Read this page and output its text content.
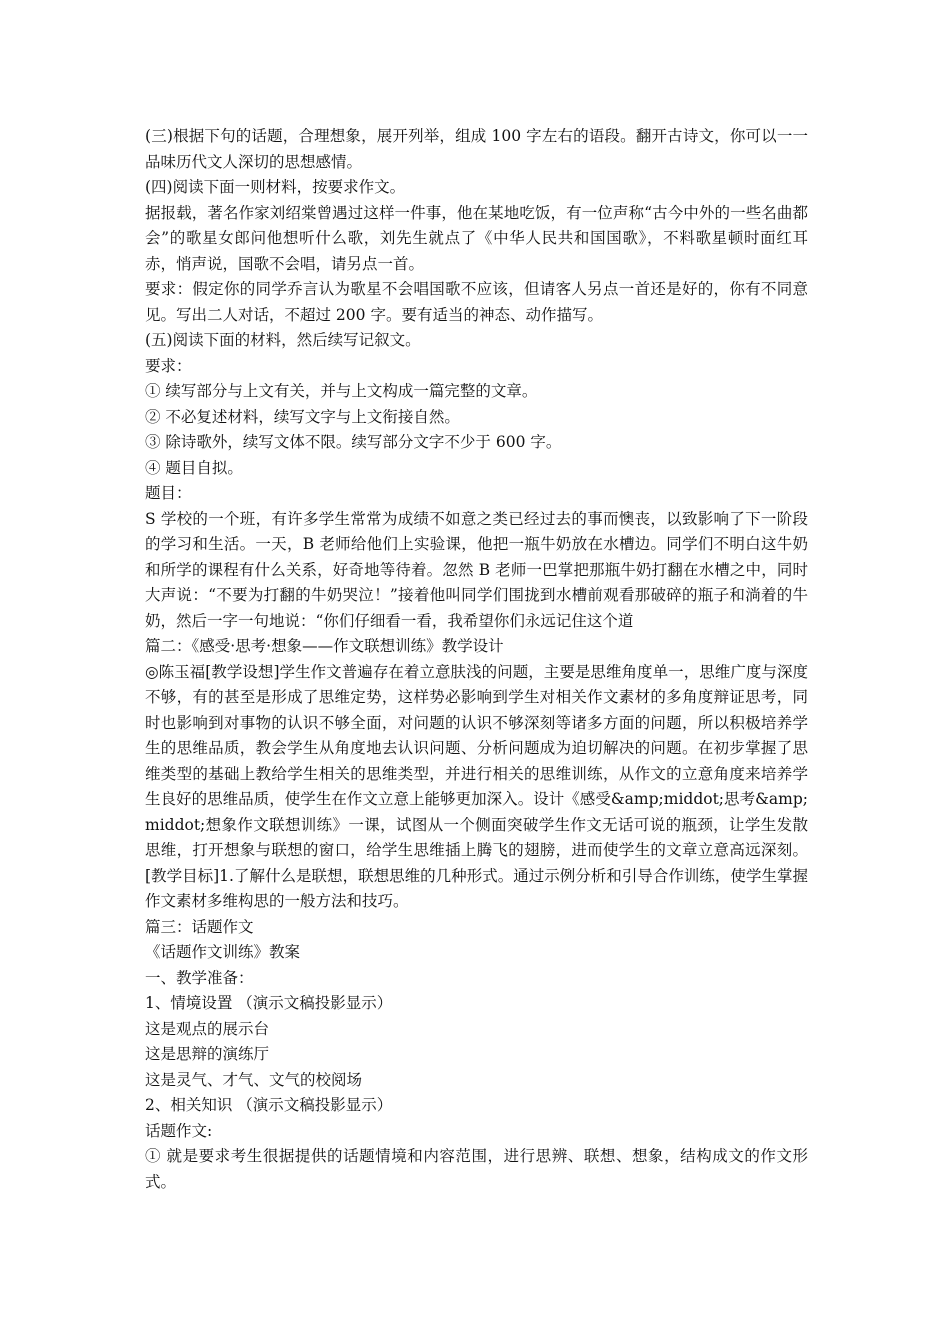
(三)根据下句的话题，合理想象，展开列举，组成 100 字左右的语段。翻开古诗文，你可以一一品味历代文人深切的思想感情。

(四)阅读下面一则材料，按要求作文。

据报载，著名作家刘绍棠曾遇过这样一件事，他在某地吃饭，有一位声称“古今中外的一些名曲都会”的歌星女郎问他想听什么歌，刘先生就点了《中华人民共和国国歌》，不料歌星顿时面红耳赤，悄声说，国歌不会唱，请另点一首。

要求：假定你的同学乔言认为歌星不会唱国歌不应该，但请客人另点一首还是好的，你有不同意见。写出二人对话，不超过 200 字。要有适当的神态、动作描写。

(五)阅读下面的材料，然后续写记叙文。

要求：

① 续写部分与上文有关，并与上文构成一篇完整的文章。

② 不必复述材料，续写文字与上文衔接自然。

③ 除诗歌外，续写文体不限。续写部分文字不少于 600 字。

④ 题目自拟。

题目：

S 学校的一个班，有许多学生常常为成绩不如意之类已经过去的事而懊丧，以致影响了下一阶段的学习和生活。一天，B 老师给他们上实验课，他把一瓶牛奶放在水槽边。同学们不明白这牛奶和所学的课程有什么关系，好奇地等待着。忽然 B 老师一巴掌把那瓶牛奶打翻在水槽之中，同时大声说：“不要为打翻的牛奶哭泣！”接着他叫同学们围拢到水槽前观看那破碎的瓶子和淌着的牛奶，然后一字一句地说：“你们仔细看一看，我希望你们永远记住这个道

篇二：《感受·思考·想象——作文联想训练》教学设计

◎陈玉福[教学设想]学生作文普遍存在着立意肤浅的问题，主要是思维角度单一，思维广度与深度不够，有的甚至是形成了思维定势，这样势必影响到学生对相关作文素材的多角度辩证思考，同时也影响到对事物的认识不够全面，对问题的认识不够深刻等诸多方面的问题，所以积极培养学生的思维品质，教会学生从角度地去认识问题、分析问题成为迫切解决的问题。在初步掌握了思维类型的基础上教给学生相关的思维类型，并进行相关的思维训练，从作文的立意角度来培养学生良好的思维品质，使学生在作文立意上能够更加深入。设计《感受&amp;middot;思考&amp;middot;想象作文联想训练》一课，试图从一个侧面突破学生作文无话可说的瓶颈，让学生发散思维，打开想象与联想的窗口，给学生思维插上腾飞的翅膀，进而使学生的文章立意高远深刻。[教学目标]1.了解什么是联想，联想思维的几种形式。通过示例分析和引导合作训练，使学生掌握作文素材多维构思的一般方法和技巧。

篇三：话题作文

《话题作文训练》教案

一、教学准备：

1、情境设置 （演示文稿投影显示）

这是观点的展示台

这是思辩的演练厅

这是灵气、才气、文气的校阅场

2、相关知识 （演示文稿投影显示）

话题作文:

① 就是要求考生很据提供的话题情境和内容范围，进行思辨、联想、想象，结构成文的作文形式。
